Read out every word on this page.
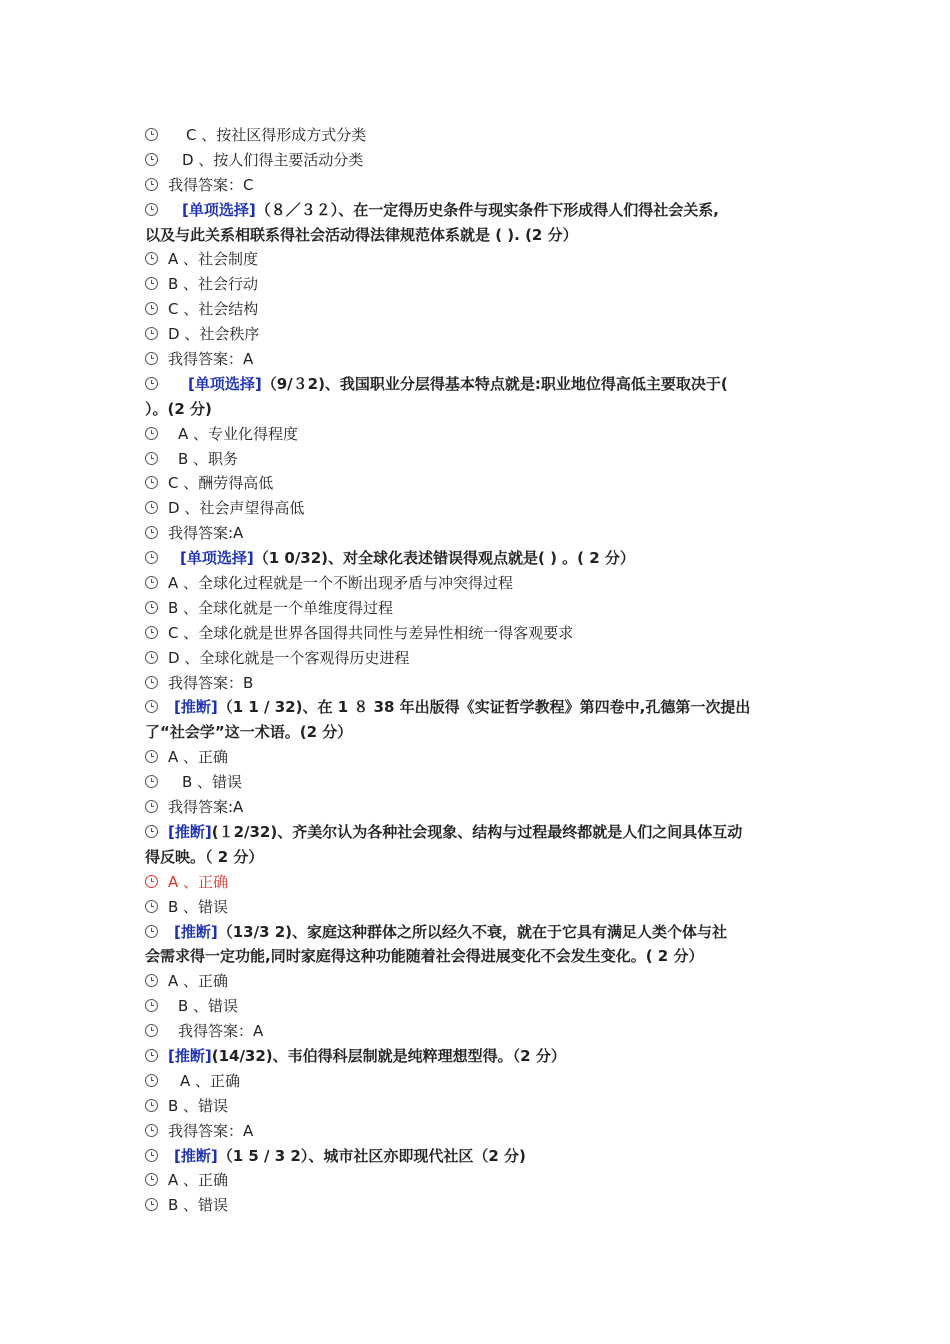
C 、按社区得形成方式分类
D 、按人们得主要活动分类
我得答案：C
[单项选择] （８／３２）、在一定得历史条件与现实条件下形成得人们得社会关系,
以及与此关系相联系得社会活动得法律规范体系就是 ( ). (2 分）
A 、社会制度
B 、社会行动
C 、社会结构
D 、社会秩序
我得答案：A
[单项选择] （9/３2)、我国职业分层得基本特点就是:职业地位得高低主要取决于(
）。(2 分)
A 、专业化得程度
B 、职务
C 、酬劳得高低
D 、社会声望得高低
我得答案:A
[单项选择] （1 0/32)、对全球化表述错误得观点就是( ) 。( 2 分）
A 、全球化过程就是一个不断出现矛盾与冲突得过程
B 、全球化就是一个单维度得过程
C 、全球化就是世界各国得共同性与差异性相统一得客观要求
D 、全球化就是一个客观得历史进程
我得答案：B
[推断] （1 1 / 32)、在 1 ８ 38 年出版得《实证哲学教程》第四卷中,孔德第一次提出
了“社会学”这一术语。(2 分）
A 、正确
B 、错误
我得答案:A
[推断] (１2/32)、齐美尔认为各种社会现象、结构与过程最终都就是人们之间具体互动
得反映。（ 2 分）
A 、正确
B 、错误
[推断] （13/3 2)、家庭这种群体之所以经久不衰，就在于它具有满足人类个体与社
会需求得一定功能,同时家庭得这种功能随着社会得进展变化不会发生变化。( 2 分）
A 、正确
B 、错误
我得答案：A
[推断] (14/32)、韦伯得科层制就是纯粹理想型得。（2 分）
A 、正确
B 、错误
我得答案：A
[推断] （1 5 / 3 2）、城市社区亦即现代社区（2 分)
A 、正确
B 、错误
